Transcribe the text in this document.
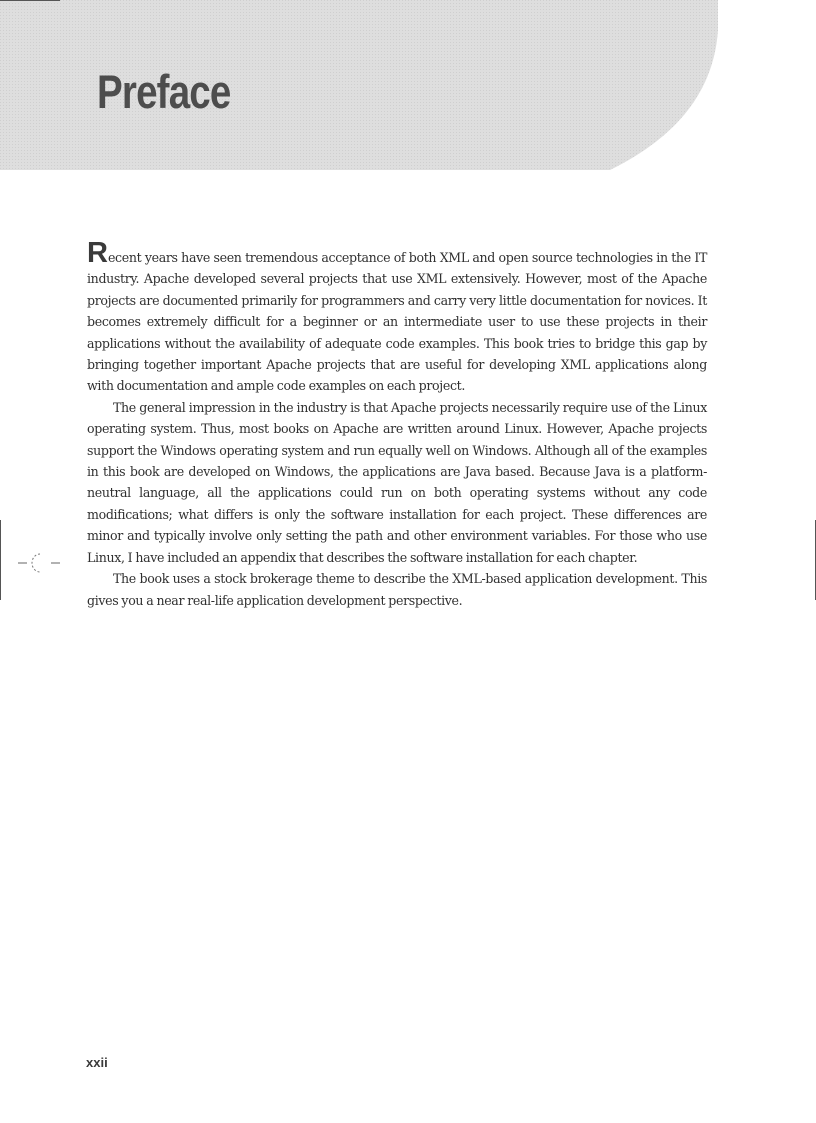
Preface

Recent years have seen tremendous acceptance of both XML and open source technologies in the IT industry. Apache developed several projects that use XML extensively. However, most of the Apache projects are documented primarily for programmers and carry very little documentation for novices. It becomes extremely difficult for a beginner or an intermediate user to use these projects in their applications without the availability of adequate code examples. This book tries to bridge this gap by bringing together important Apache projects that are useful for developing XML applications along with documentation and ample code examples on each project.

The general impression in the industry is that Apache projects necessarily require use of the Linux operating system. Thus, most books on Apache are written around Linux. However, Apache projects support the Windows operating system and run equally well on Windows. Although all of the examples in this book are developed on Windows, the applications are Java based. Because Java is a platform-neutral language, all the applications could run on both operating systems without any code modifications; what differs is only the software installation for each project. These differences are minor and typically involve only setting the path and other environment variables. For those who use Linux, I have included an appendix that describes the software installation for each chapter.

The book uses a stock brokerage theme to describe the XML-based application development. This gives you a near real-life application development perspective.

xxii
